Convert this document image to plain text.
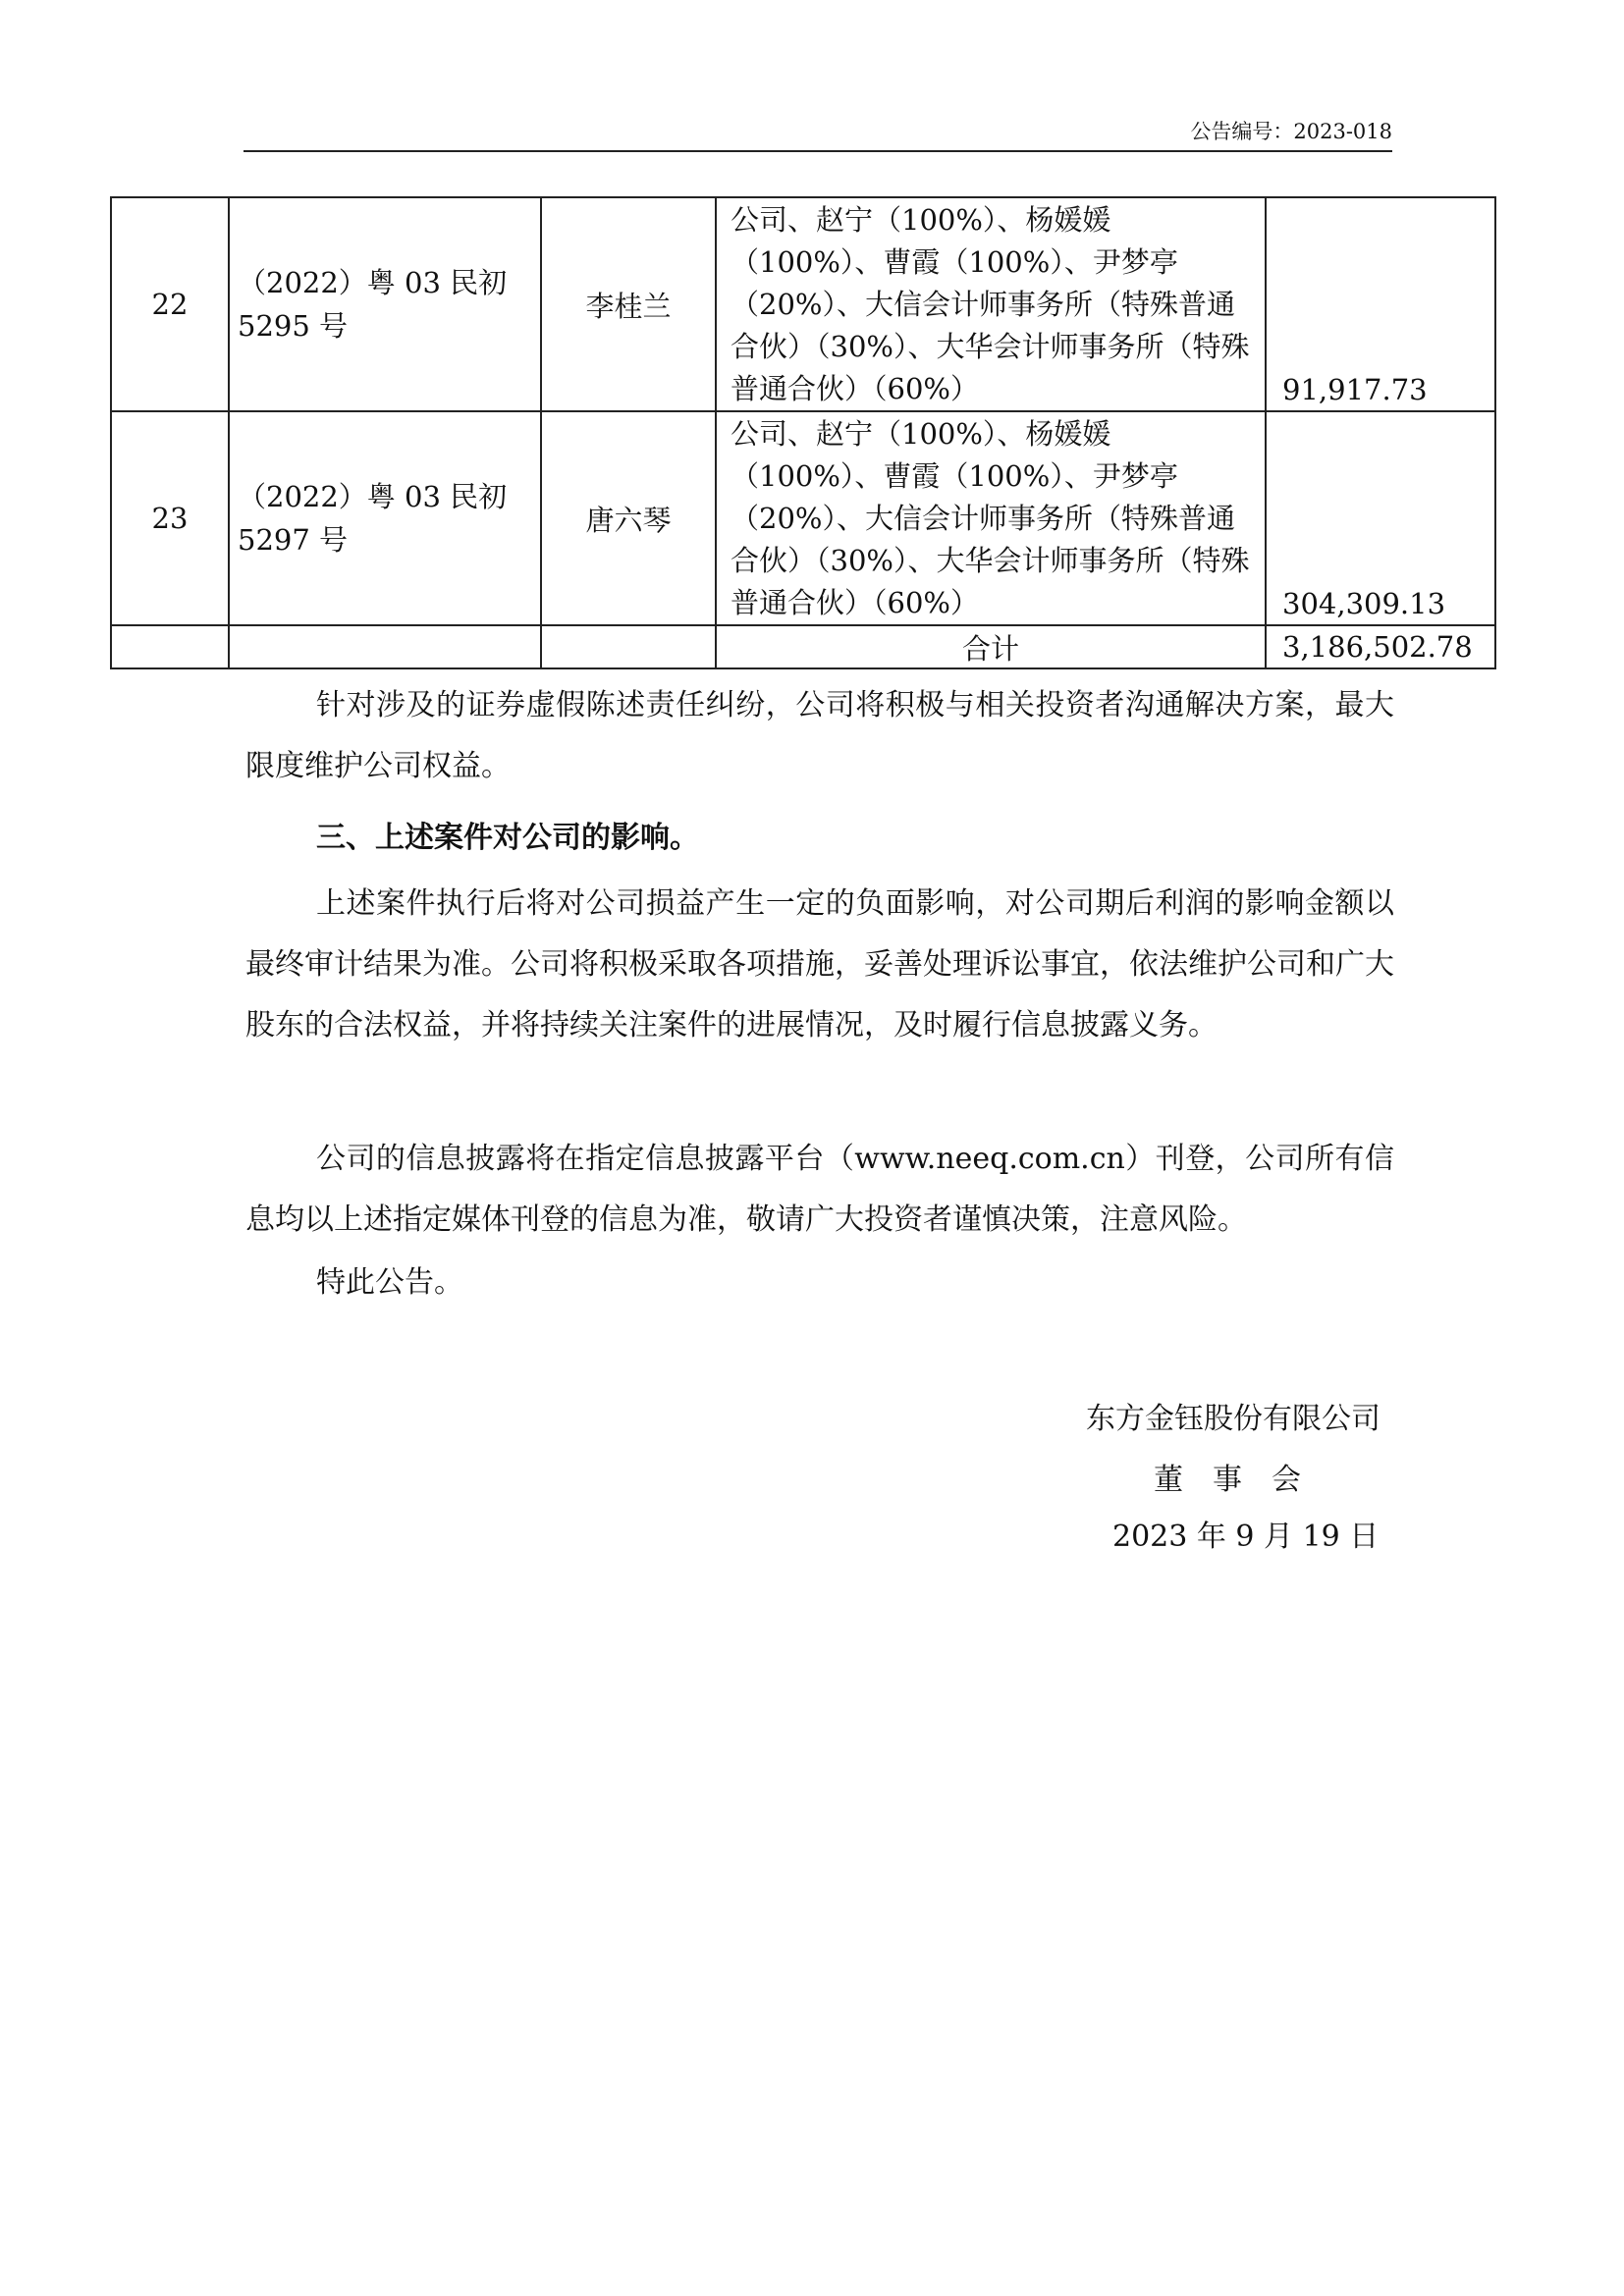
公告编号：2023-018
22	（2022）粤 03 民初 5295 号	李桂兰	公司、赵宁（100%）、杨媛媛（100%）、曹霞（100%）、尹梦亭（20%）、大信会计师事务所（特殊普通合伙）（30%）、大华会计师事务所（特殊普通合伙）（60%）	91,917.73
23	（2022）粤 03 民初 5297 号	唐六琴	公司、赵宁（100%）、杨媛媛（100%）、曹霞（100%）、尹梦亭（20%）、大信会计师事务所（特殊普通合伙）（30%）、大华会计师事务所（特殊普通合伙）（60%）	304,309.13
			合计	3,186,502.78

针对涉及的证券虚假陈述责任纠纷，公司将积极与相关投资者沟通解决方案，最大限度维护公司权益。

三、上述案件对公司的影响。

上述案件执行后将对公司损益产生一定的负面影响，对公司期后利润的影响金额以最终审计结果为准。公司将积极采取各项措施，妥善处理诉讼事宜，依法维护公司和广大股东的合法权益，并将持续关注案件的进展情况，及时履行信息披露义务。

公司的信息披露将在指定信息披露平台（www.neeq.com.cn）刊登，公司所有信息均以上述指定媒体刊登的信息为准，敬请广大投资者谨慎决策，注意风险。

特此公告。

东方金钰股份有限公司

董　事　会

2023 年 9 月 19 日
